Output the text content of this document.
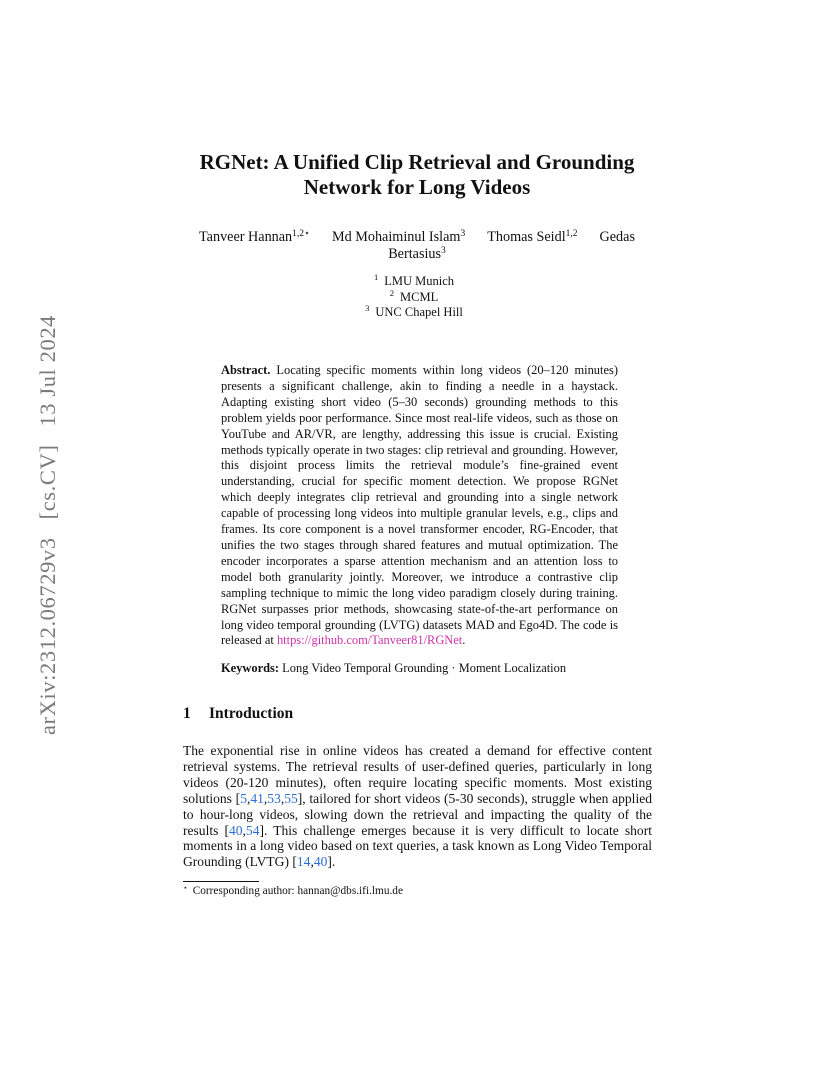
arXiv:2312.06729v3[cs.CV]13 Jul 2024
RGNet: A Unified Clip Retrieval and Grounding
Network for Long Videos
Tanveer Hannan$^{1,2⋆}$ Md Mohaiminul Islam$^3$ Thomas Seidl$^{1,2}$ Gedas
Bertasius$^3$
$^1$ LMU Munich
$^2$ MCML
$^3$ UNC Chapel Hill
Abstract. Locating specific moments within long videos (20–120 minutes) presents a significant challenge, akin to finding a needle in a haystack. Adapting existing short video (5–30 seconds) grounding methods to this problem yields poor performance. Since most real-life videos, such as those on YouTube and AR/VR, are lengthy, addressing this issue is crucial. Existing methods typically operate in two stages: clip retrieval and grounding. However, this disjoint process limits the retrieval module’s fine-grained event understanding, crucial for specific moment detection. We propose RGNet which deeply integrates clip retrieval and grounding into a single network capable of processing long videos into multiple granular levels, e.g., clips and frames. Its core component is a novel transformer encoder, RG-Encoder, that unifies the two stages through shared features and mutual optimization. The encoder incorporates a sparse attention mechanism and an attention loss to model both granularity jointly. Moreover, we introduce a contrastive clip sampling technique to mimic the long video paradigm closely during training. RGNet surpasses prior methods, showcasing state-of-the-art performance on long video temporal grounding (LVTG) datasets MAD and Ego4D. The code is released at https://github.com/Tanveer81/RGNet.
Keywords: Long Video Temporal Grounding · Moment Localization
1 Introduction
The exponential rise in online videos has created a demand for effective content retrieval systems. The retrieval results of user-defined queries, particularly in long videos (20-120 minutes), often require locating specific moments. Most existing solutions [5,41,53,55], tailored for short videos (5-30 seconds), struggle when applied to hour-long videos, slowing down the retrieval and impacting the quality of the results [40,54]. This challenge emerges because it is very difficult to locate short moments in a long video based on text queries, a task known as Long Video Temporal Grounding (LVTG) [14,40].
⋆ Corresponding author: hannan@dbs.ifi.lmu.de
